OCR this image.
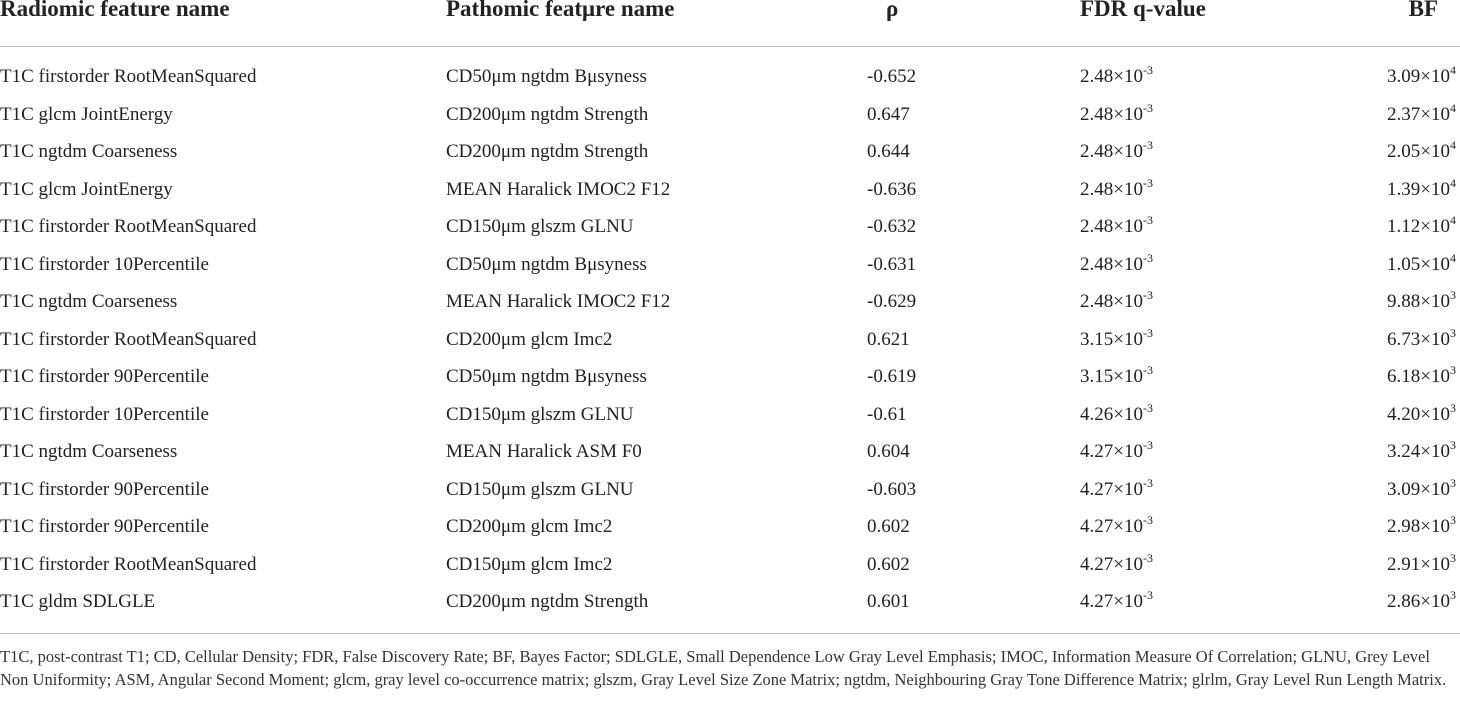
Radiomic feature name	Pathomic featμre name	ρ	FDR q-value	BF
T1C firstorder RootMeanSquared	CD50μm ngtdm Bμsyness	-0.652	$2.48\times 10^{-3}$	$3.09\times 10^4$
T1C glcm JointEnergy	CD200μm ngtdm Strength	0.647	$2.48\times 10^{-3}$	$2.37\times 10^4$
T1C ngtdm Coarseness	CD200μm ngtdm Strength	0.644	$2.48\times 10^{-3}$	$2.05\times 10^4$
T1C glcm JointEnergy	MEAN Haralick IMOC2 F12	-0.636	$2.48\times 10^{-3}$	$1.39\times 10^4$
T1C firstorder RootMeanSquared	CD150μm glszm GLNU	-0.632	$2.48\times 10^{-3}$	$1.12\times 10^4$
T1C firstorder 10Percentile	CD50μm ngtdm Bμsyness	-0.631	$2.48\times 10^{-3}$	$1.05\times 10^4$
T1C ngtdm Coarseness	MEAN Haralick IMOC2 F12	-0.629	$2.48\times 10^{-3}$	$9.88\times 10^3$
T1C firstorder RootMeanSquared	CD200μm glcm Imc2	0.621	$3.15\times 10^{-3}$	$6.73\times 10^3$
T1C firstorder 90Percentile	CD50μm ngtdm Bμsyness	-0.619	$3.15\times 10^{-3}$	$6.18\times 10^3$
T1C firstorder 10Percentile	CD150μm glszm GLNU	-0.61	$4.26\times 10^{-3}$	$4.20\times 10^3$
T1C ngtdm Coarseness	MEAN Haralick ASM F0	0.604	$4.27\times 10^{-3}$	$3.24\times 10^3$
T1C firstorder 90Percentile	CD150μm glszm GLNU	-0.603	$4.27\times 10^{-3}$	$3.09\times 10^3$
T1C firstorder 90Percentile	CD200μm glcm Imc2	0.602	$4.27\times 10^{-3}$	$2.98\times 10^3$
T1C firstorder RootMeanSquared	CD150μm glcm Imc2	0.602	$4.27\times 10^{-3}$	$2.91\times 10^3$
T1C gldm SDLGLE	CD200μm ngtdm Strength	0.601	$4.27\times 10^{-3}$	$2.86\times 10^3$
T1C, post-contrast T1; CD, Cellular Density; FDR, False Discovery Rate; BF, Bayes Factor; SDLGLE, Small Dependence Low Gray Level Emphasis; IMOC, Information Measure Of Correlation; GLNU, Grey Level Non Uniformity; ASM, Angular Second Moment; glcm, gray level co-occurrence matrix; glszm, Gray Level Size Zone Matrix; ngtdm, Neighbouring Gray Tone Difference Matrix; glrlm, Gray Level Run Length Matrix.
